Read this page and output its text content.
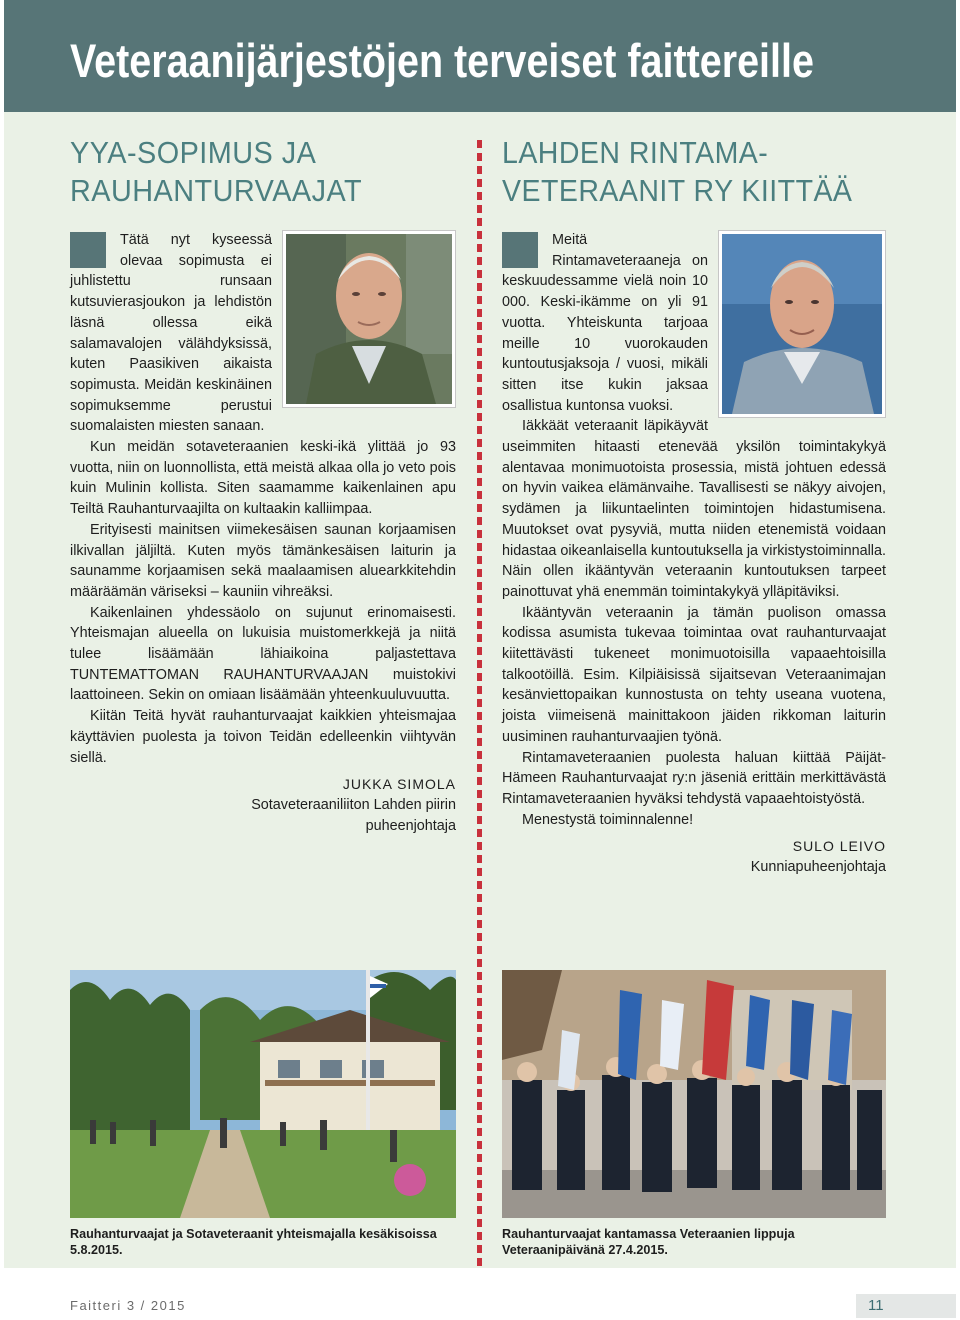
Veteraanijärjestöjen terveiset faittereille
YYA-SOPIMUS JA
RAUHANTURVAAJAT

Tätä nyt kyseessä olevaa sopimusta ei juhlistettu runsaan kutsuvierasjoukon ja lehdistön läsnä ollessa eikä salamavalojen välähdyksissä, kuten Paasikiven aikaista sopimusta. Meidän keskinäinen sopimuksemme perustui suomalaisten miesten sanaan.

Kun meidän sotaveteraanien keski-ikä ylittää jo 93 vuotta, niin on luonnollista, että meistä alkaa olla jo veto pois kuin Mulinin kollista. Siten saamamme kaikenlainen apu Teiltä Rauhanturvaajilta on kultaakin kalliimpaa.

Erityisesti mainitsen viimekesäisen saunan korjaamisen ilkivallan jäljiltä. Kuten myös tämänkesäisen laiturin ja saunamme korjaamisen sekä maalaamisen aluearkkitehdin määräämän väriseksi – kauniin vihreäksi.

Kaikenlainen yhdessäolo on sujunut erinomaisesti. Yhteismajan alueella on lukuisia muistomerkkejä ja niitä tulee lisäämään lähiaikoina paljastettava TUNTEMATTOMAN RAUHANTURVAAJAN muistokivi laattoineen. Sekin on omiaan lisäämään yhteenkuuluvuutta.

Kiitän Teitä hyvät rauhanturvaajat kaikkien yhteismajaa käyttävien puolesta ja toivon Teidän edelleenkin viihtyvän siellä.

JUKKA SIMOLA
Sotaveteraaniliiton Lahden piirin
puheenjohtaja
LAHDEN RINTAMA-
VETERAANIT RY KIITTÄÄ

Meitä Rintamaveteraaneja on keskuudessamme vielä noin 10 000. Keski-ikämme on yli 91 vuotta. Yhteiskunta tarjoaa meille 10 vuorokauden kuntoutusjaksoja / vuosi, mikäli sitten itse kukin jaksaa osallistua kuntonsa vuoksi.

Iäkkäät veteraanit läpikäyvät useimmiten hitaasti etenevää yksilön toimintakykyä alentavaa monimuotoista prosessia, mistä johtuen edessä on hyvin vaikea elämänvaihe. Tavallisesti se näkyy aivojen, sydämen ja liikuntaelinten toimintojen hidastumisena. Muutokset ovat pysyviä, mutta niiden etenemistä voidaan hidastaa oikeanlaisella kuntoutuksella ja virkistystoiminnalla. Näin ollen ikääntyvän veteraanin kuntoutuksen tarpeet painottuvat yhä enemmän toimintakykyä ylläpitäviksi.

Ikääntyvän veteraanin ja tämän puolison omassa kodissa asumista tukevaa toimintaa ovat rauhanturvaajat kiitettävästi tukeneet monimuotoisilla vapaaehtoisilla talkootöillä. Esim. Kilpiäisissä sijaitsevan Veteraanimajan kesänviettopaikan kunnostusta on tehty useana vuotena, joista viimeisenä mainittakoon jäiden rikkoman laiturin uusiminen rauhanturvaajien työnä.

Rintamaveteraanien puolesta haluan kiittää Päijät-Hämeen Rauhanturvaajat ry:n jäseniä erittäin merkittävästä Rintamaveteraanien hyväksi tehdystä vapaaehtoistyöstä.

Menestystä toiminnalenne!

SULO LEIVO
Kunniapuheenjohtaja
Rauhanturvaajat ja Sotaveteraanit yhteismajalla kesäkisoissa 5.8.2015.
Rauhanturvaajat kantamassa Veteraanien lippuja Veteraanipäivänä 27.4.2015.
Faitteri 3 / 2015	11
